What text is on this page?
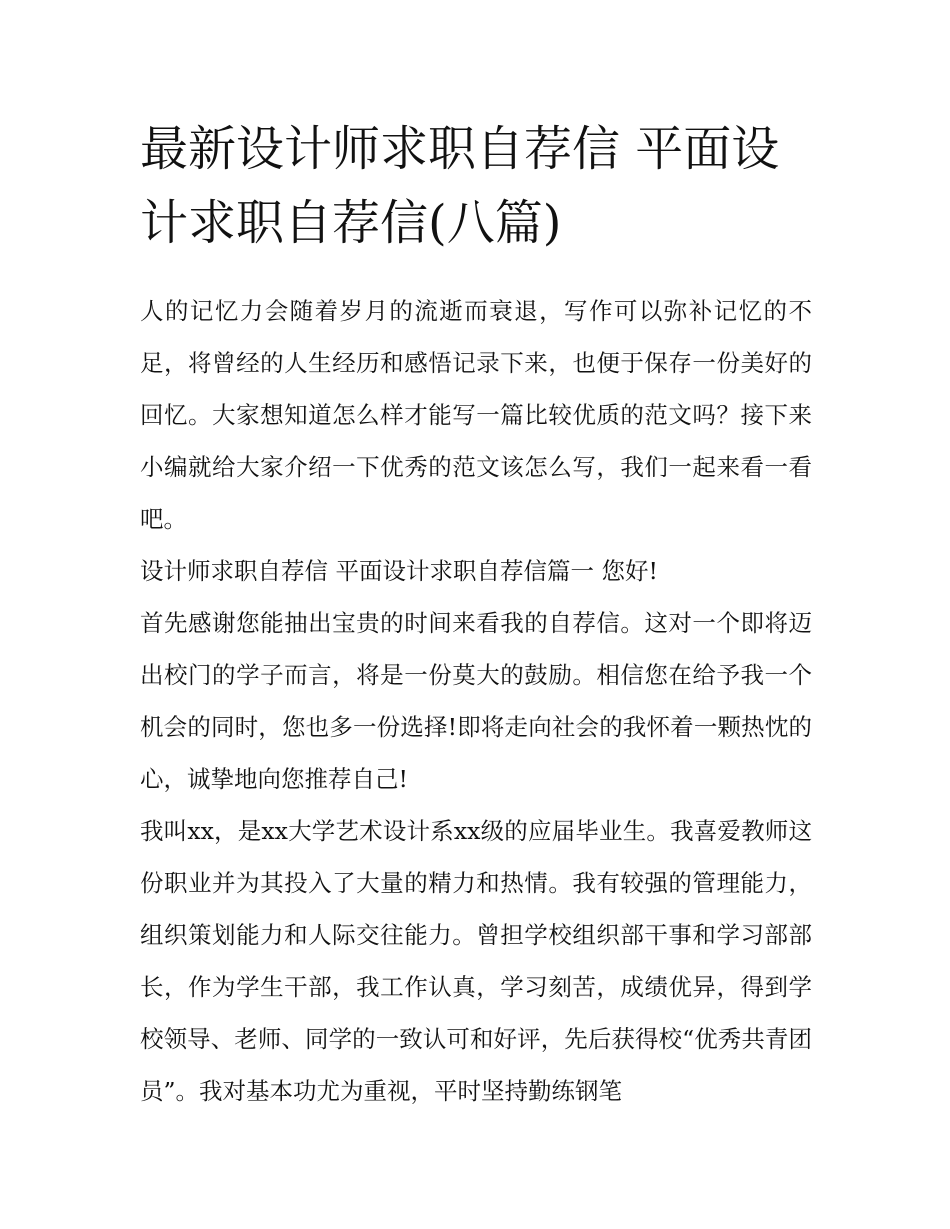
最新设计师求职自荐信 平面设计求职自荐信(八篇)

人的记忆力会随着岁月的流逝而衰退，写作可以弥补记忆的不足，将曾经的人生经历和感悟记录下来，也便于保存一份美好的回忆。大家想知道怎么样才能写一篇比较优质的范文吗？接下来小编就给大家介绍一下优秀的范文该怎么写，我们一起来看一看吧。

设计师求职自荐信 平面设计求职自荐信篇一 您好!

首先感谢您能抽出宝贵的时间来看我的自荐信。这对一个即将迈出校门的学子而言，将是一份莫大的鼓励。相信您在给予我一个机会的同时，您也多一份选择!即将走向社会的我怀着一颗热忱的心，诚挚地向您推荐自己!

我叫xx，是xx大学艺术设计系xx级的应届毕业生。我喜爱教师这份职业并为其投入了大量的精力和热情。我有较强的管理能力，组织策划能力和人际交往能力。曾担学校组织部干事和学习部部长，作为学生干部，我工作认真，学习刻苦，成绩优异，得到学校领导、老师、同学的一致认可和好评，先后获得校“优秀共青团员”。我对基本功尤为重视，平时坚持勤练钢笔
